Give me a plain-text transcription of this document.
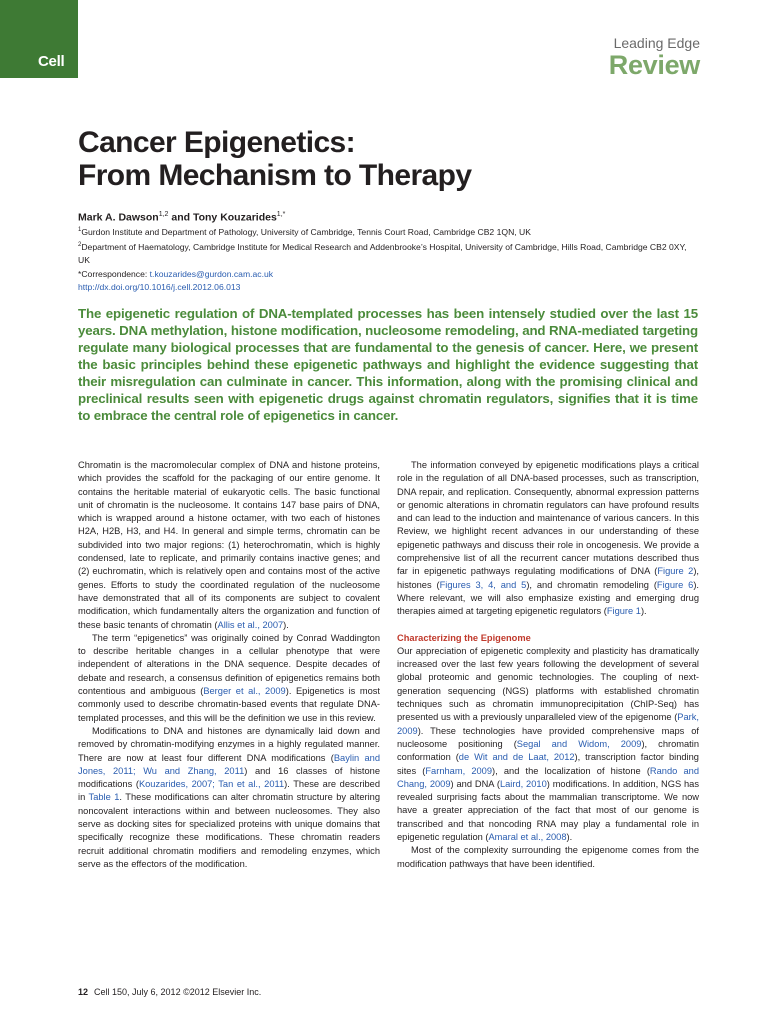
Cell
Leading Edge
Review
Cancer Epigenetics:
From Mechanism to Therapy
Mark A. Dawson$^{1,2}$ and Tony Kouzarides$^{1,*}$
$^1$Gurdon Institute and Department of Pathology, University of Cambridge, Tennis Court Road, Cambridge CB2 1QN, UK
$^2$Department of Haematology, Cambridge Institute for Medical Research and Addenbrooke’s Hospital, University of Cambridge, Hills Road, Cambridge CB2 0XY, UK
*Correspondence: t.kouzarides@gurdon.cam.ac.uk
http://dx.doi.org/10.1016/j.cell.2012.06.013
The epigenetic regulation of DNA-templated processes has been intensely studied over the last 15 years. DNA methylation, histone modification, nucleosome remodeling, and RNA-mediated targeting regulate many biological processes that are fundamental to the genesis of cancer. Here, we present the basic principles behind these epigenetic pathways and highlight the evidence suggesting that their misregulation can culminate in cancer. This information, along with the promising clinical and preclinical results seen with epigenetic drugs against chromatin regulators, signifies that it is time to embrace the central role of epigenetics in cancer.

Chromatin is the macromolecular complex of DNA and histone proteins, which provides the scaffold for the packaging of our entire genome. It contains the heritable material of eukaryotic cells. The basic functional unit of chromatin is the nucleosome. It contains 147 base pairs of DNA, which is wrapped around a histone octamer, with two each of histones H2A, H2B, H3, and H4. In general and simple terms, chromatin can be subdivided into two major regions: (1) heterochromatin, which is highly condensed, late to replicate, and primarily contains inactive genes; and (2) euchromatin, which is relatively open and contains most of the active genes. Efforts to study the coordinated regulation of the nucleosome have demonstrated that all of its components are subject to covalent modification, which fundamentally alters the organization and function of these basic tenants of chromatin (Allis et al., 2007).

The term “epigenetics” was originally coined by Conrad Waddington to describe heritable changes in a cellular phenotype that were independent of alterations in the DNA sequence. Despite decades of debate and research, a consensus definition of epigenetics remains both contentious and ambiguous (Berger et al., 2009). Epigenetics is most commonly used to describe chromatin-based events that regulate DNA-templated processes, and this will be the definition we use in this review.

Modifications to DNA and histones are dynamically laid down and removed by chromatin-modifying enzymes in a highly regulated manner. There are now at least four different DNA modifications (Baylin and Jones, 2011; Wu and Zhang, 2011) and 16 classes of histone modifications (Kouzarides, 2007; Tan et al., 2011). These are described in Table 1. These modifications can alter chromatin structure by altering noncovalent interactions within and between nucleosomes. They also serve as docking sites for specialized proteins with unique domains that specifically recognize these modifications. These chromatin readers recruit additional chromatin modifiers and remodeling enzymes, which serve as the effectors of the modification.

The information conveyed by epigenetic modifications plays a critical role in the regulation of all DNA-based processes, such as transcription, DNA repair, and replication. Consequently, abnormal expression patterns or genomic alterations in chromatin regulators can have profound results and can lead to the induction and maintenance of various cancers. In this Review, we highlight recent advances in our understanding of these epigenetic pathways and discuss their role in oncogenesis. We provide a comprehensive list of all the recurrent cancer mutations described thus far in epigenetic pathways regulating modifications of DNA (Figure 2), histones (Figures 3, 4, and 5), and chromatin remodeling (Figure 6). Where relevant, we will also emphasize existing and emerging drug therapies aimed at targeting epigenetic regulators (Figure 1).

Characterizing the Epigenome

Our appreciation of epigenetic complexity and plasticity has dramatically increased over the last few years following the development of several global proteomic and genomic technologies. The coupling of next-generation sequencing (NGS) platforms with established chromatin techniques such as chromatin immunoprecipitation (ChIP-Seq) has presented us with a previously unparalleled view of the epigenome (Park, 2009). These technologies have provided comprehensive maps of nucleosome positioning (Segal and Widom, 2009), chromatin conformation (de Wit and de Laat, 2012), transcription factor binding sites (Farnham, 2009), and the localization of histone (Rando and Chang, 2009) and DNA (Laird, 2010) modifications. In addition, NGS has revealed surprising facts about the mammalian transcriptome. We now have a greater appreciation of the fact that most of our genome is transcribed and that noncoding RNA may play a fundamental role in epigenetic regulation (Amaral et al., 2008).

Most of the complexity surrounding the epigenome comes from the modification pathways that have been identified.

12 Cell 150, July 6, 2012 ©2012 Elsevier Inc.
